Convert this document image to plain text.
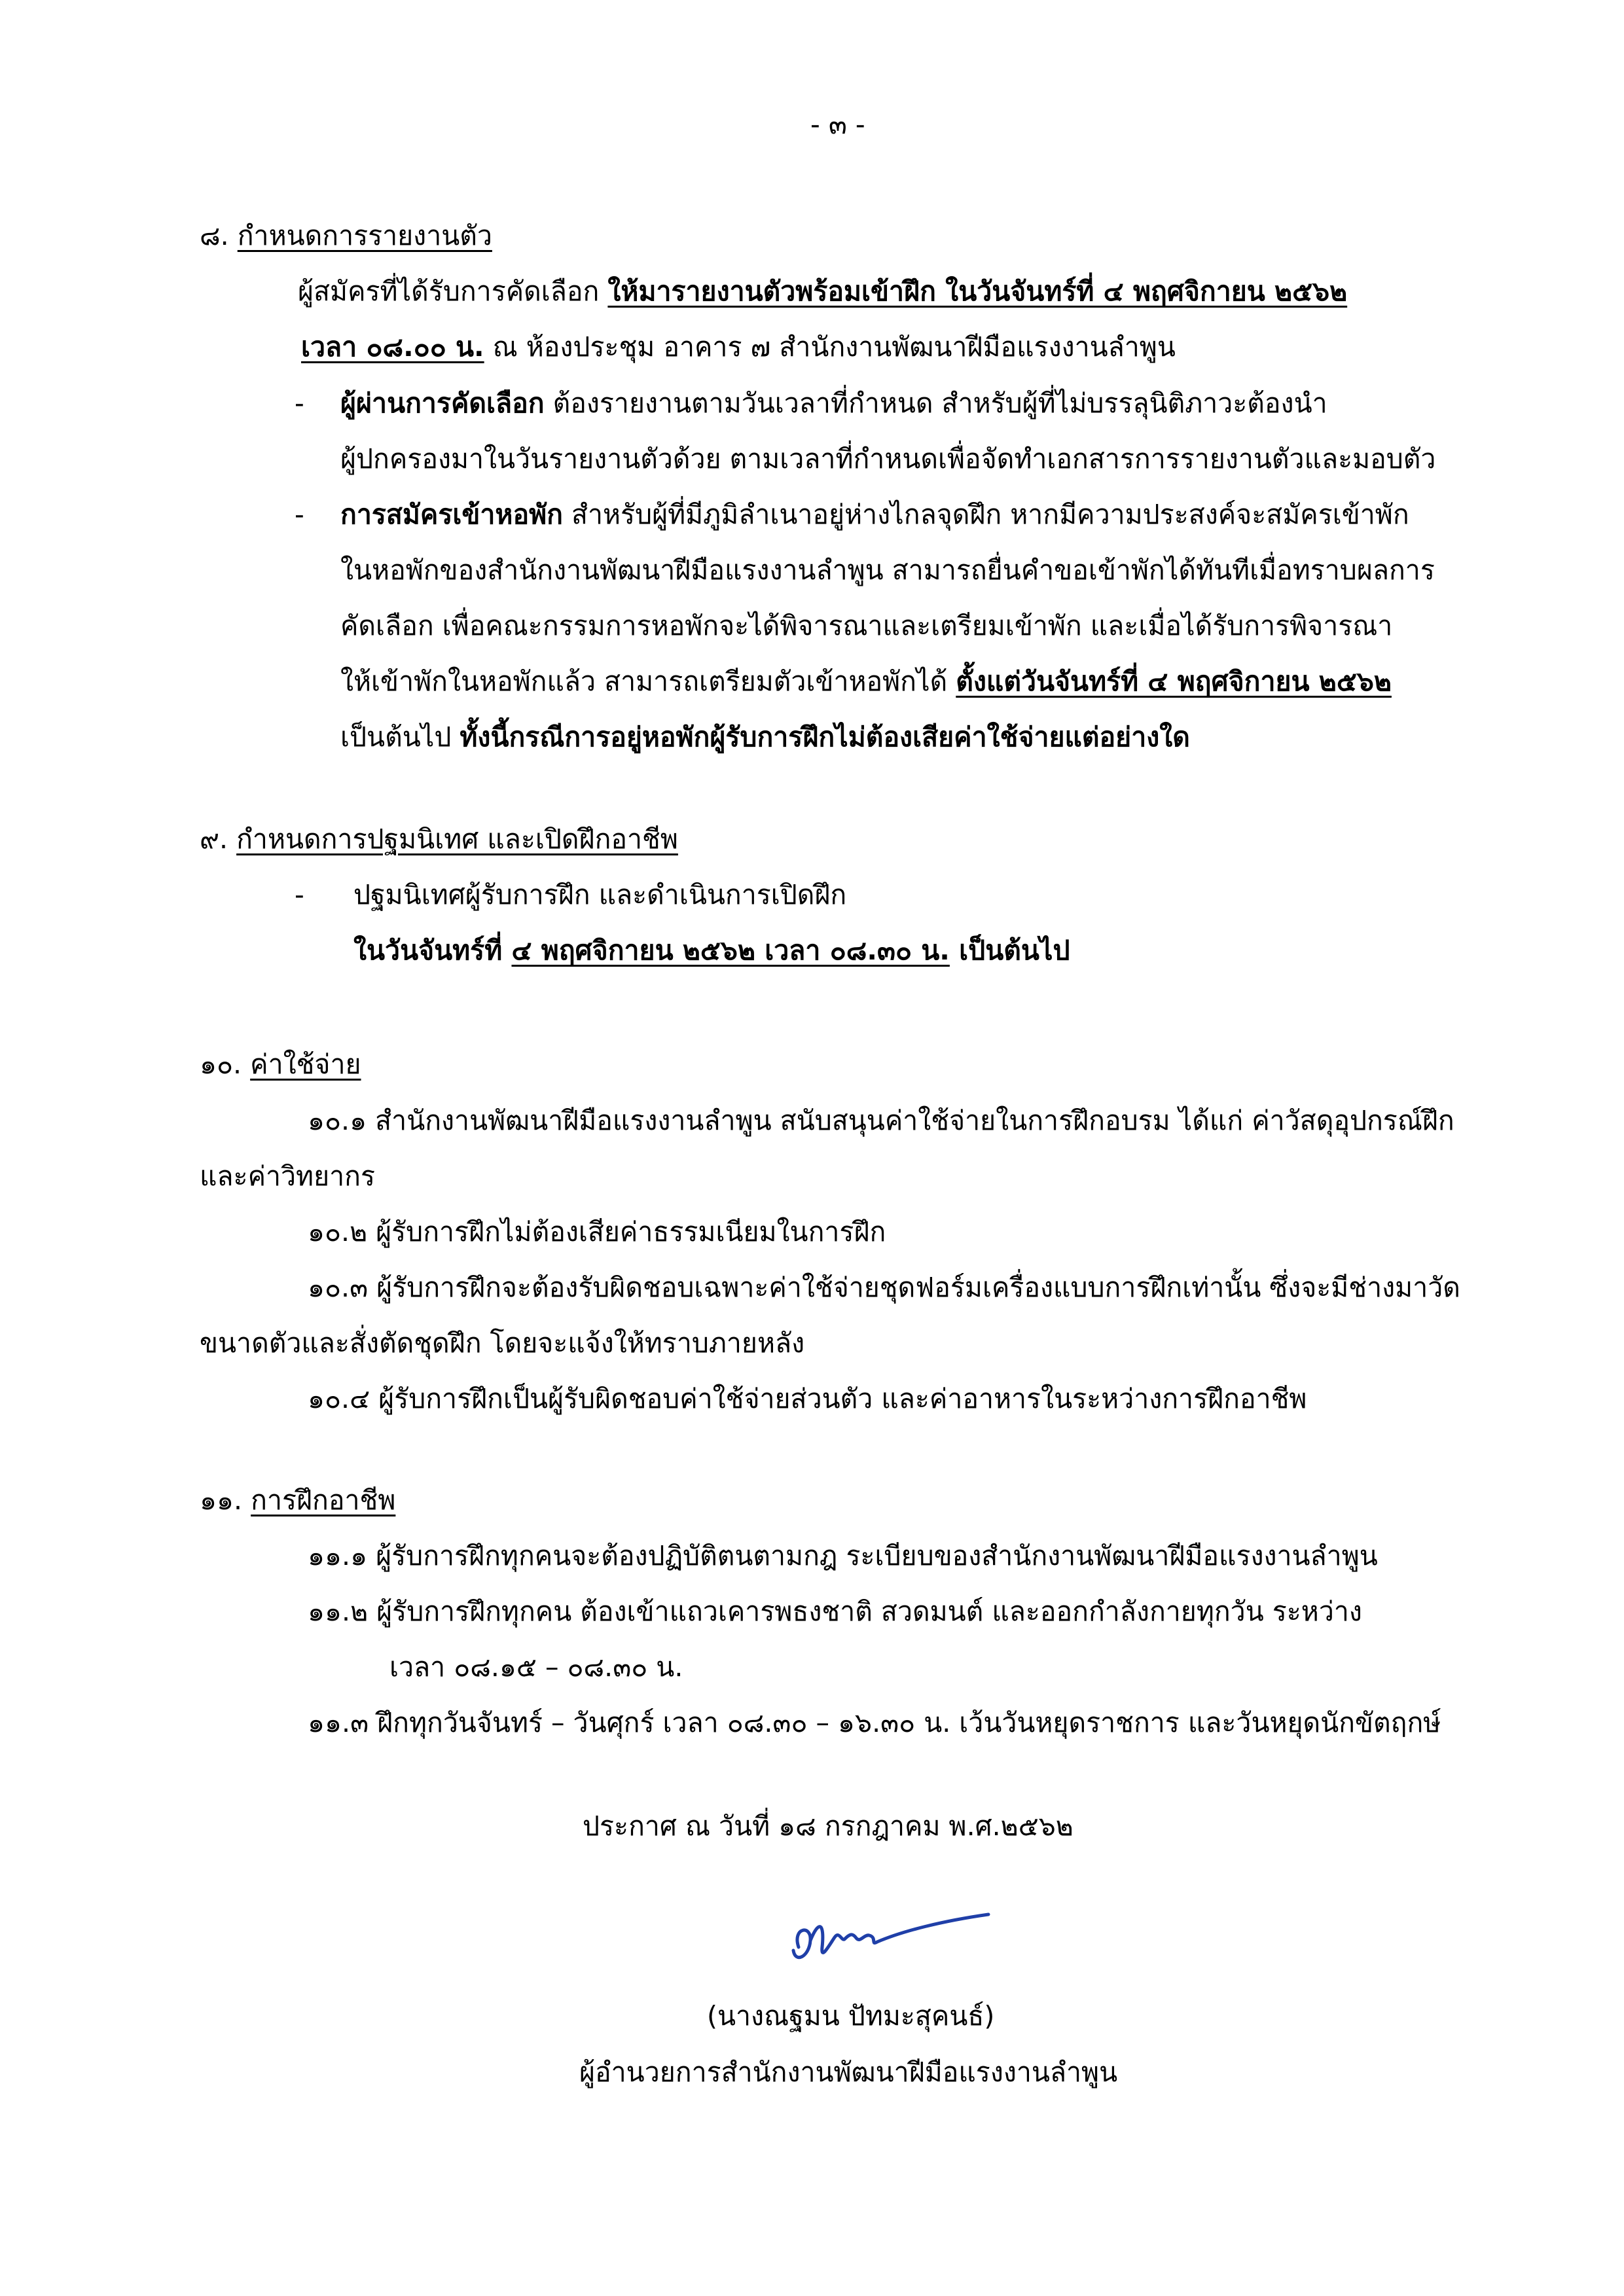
- ๓ -
๘. กำหนดการรายงานตัว
ผู้สมัครที่ได้รับการคัดเลือก ให้มารายงานตัวพร้อมเข้าฝึก ในวันจันทร์ที่ ๔ พฤศจิกายน ๒๕๖๒
เวลา ๐๘.๐๐ น. ณ ห้องประชุม อาคาร ๗ สำนักงานพัฒนาฝีมือแรงงานลำพูน
- ผู้ผ่านการคัดเลือก ต้องรายงานตามวันเวลาที่กำหนด สำหรับผู้ที่ไม่บรรลุนิติภาวะต้องนำ
ผู้ปกครองมาในวันรายงานตัวด้วย ตามเวลาที่กำหนดเพื่อจัดทำเอกสารการรายงานตัวและมอบตัว
- การสมัครเข้าหอพัก สำหรับผู้ที่มีภูมิลำเนาอยู่ห่างไกลจุดฝึก หากมีความประสงค์จะสมัครเข้าพัก
ในหอพักของสำนักงานพัฒนาฝีมือแรงงานลำพูน สามารถยื่นคำขอเข้าพักได้ทันทีเมื่อทราบผลการ
คัดเลือก เพื่อคณะกรรมการหอพักจะได้พิจารณาและเตรียมเข้าพัก และเมื่อได้รับการพิจารณา
ให้เข้าพักในหอพักแล้ว สามารถเตรียมตัวเข้าหอพักได้ ตั้งแต่วันจันทร์ที่ ๔ พฤศจิกายน ๒๕๖๒
เป็นต้นไป ทั้งนี้กรณีการอยู่หอพักผู้รับการฝึกไม่ต้องเสียค่าใช้จ่ายแต่อย่างใด
๙. กำหนดการปฐมนิเทศ และเปิดฝึกอาชีพ
- ปฐมนิเทศผู้รับการฝึก และดำเนินการเปิดฝึก
ในวันจันทร์ที่ ๔ พฤศจิกายน ๒๕๖๒ เวลา ๐๘.๓๐ น. เป็นต้นไป
๑๐. ค่าใช้จ่าย
๑๐.๑ สำนักงานพัฒนาฝีมือแรงงานลำพูน สนับสนุนค่าใช้จ่ายในการฝึกอบรม ได้แก่ ค่าวัสดุอุปกรณ์ฝึก
และค่าวิทยากร
๑๐.๒ ผู้รับการฝึกไม่ต้องเสียค่าธรรมเนียมในการฝึก
๑๐.๓ ผู้รับการฝึกจะต้องรับผิดชอบเฉพาะค่าใช้จ่ายชุดฟอร์มเครื่องแบบการฝึกเท่านั้น ซึ่งจะมีช่างมาวัด
ขนาดตัวและสั่งตัดชุดฝึก โดยจะแจ้งให้ทราบภายหลัง
๑๐.๔ ผู้รับการฝึกเป็นผู้รับผิดชอบค่าใช้จ่ายส่วนตัว และค่าอาหารในระหว่างการฝึกอาชีพ
๑๑. การฝึกอาชีพ
๑๑.๑ ผู้รับการฝึกทุกคนจะต้องปฏิบัติตนตามกฎ ระเบียบของสำนักงานพัฒนาฝีมือแรงงานลำพูน
๑๑.๒ ผู้รับการฝึกทุกคน ต้องเข้าแถวเคารพธงชาติ สวดมนต์ และออกกำลังกายทุกวัน ระหว่าง
เวลา ๐๘.๑๕ – ๐๘.๓๐ น.
๑๑.๓ ฝึกทุกวันจันทร์ – วันศุกร์ เวลา ๐๘.๓๐ – ๑๖.๓๐ น. เว้นวันหยุดราชการ และวันหยุดนักขัตฤกษ์
ประกาศ ณ วันที่ ๑๘ กรกฎาคม พ.ศ.๒๕๖๒
(นางณฐมน ปัทมะสุคนธ์)
ผู้อำนวยการสำนักงานพัฒนาฝีมือแรงงานลำพูน
